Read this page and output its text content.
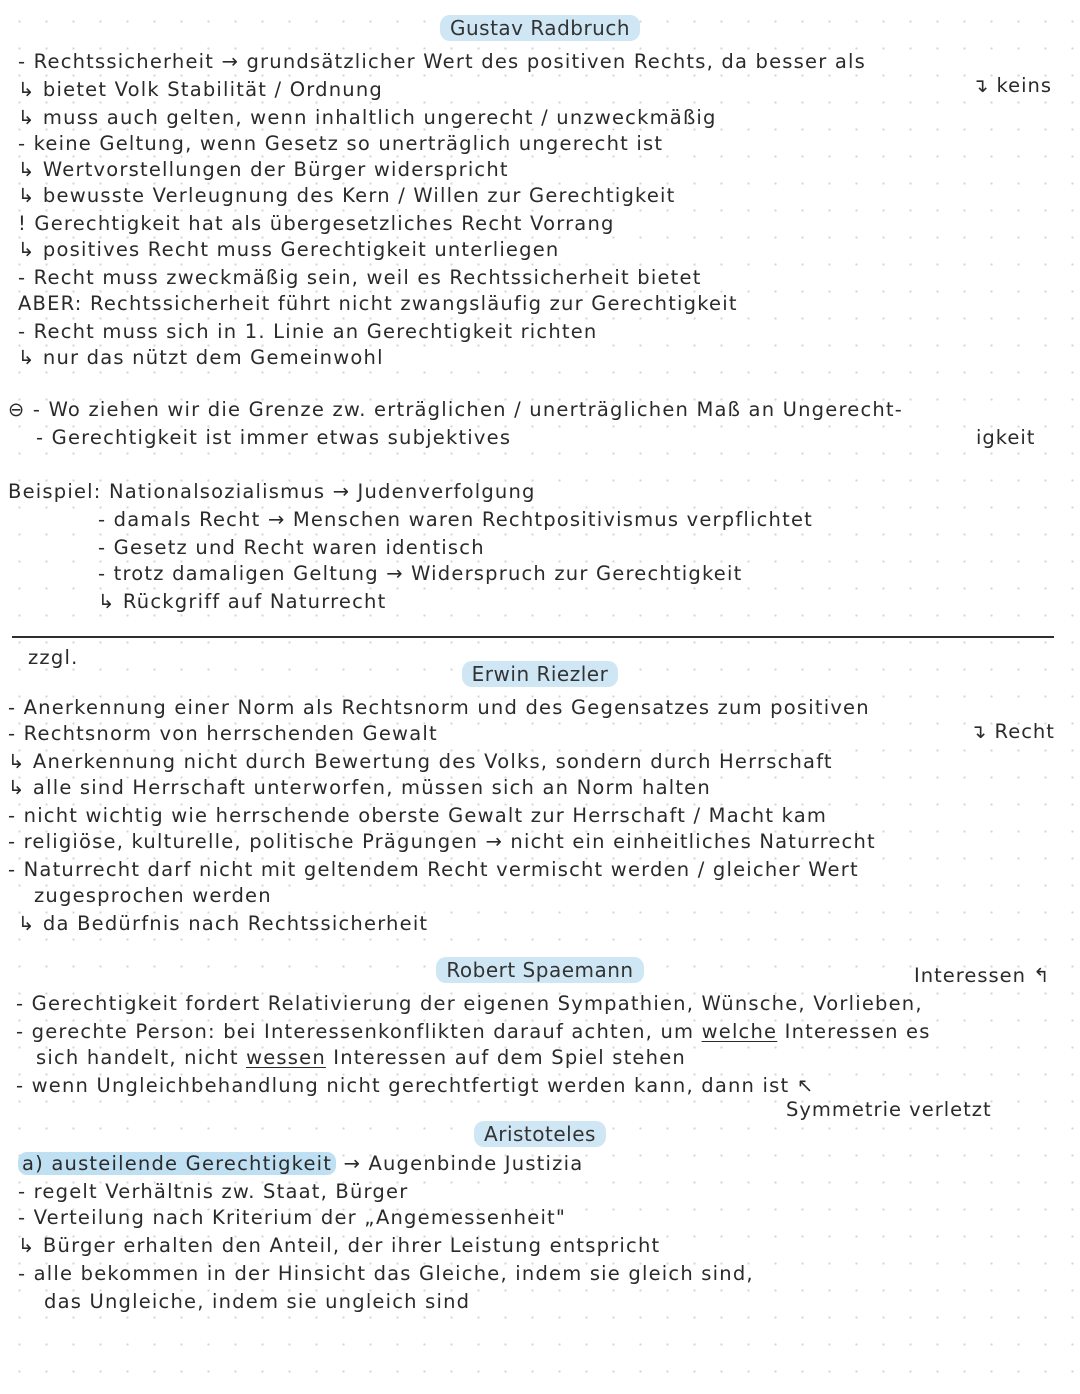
Gustav Radbruch
- Rechtssicherheit → grundsätzlicher Wert des positiven Rechts, da besser als
↳ bietet Volk Stabilität / Ordnung	↴ keins
↳ muss auch gelten, wenn inhaltlich ungerecht / unzweckmäßig
- keine Geltung, wenn Gesetz so unerträglich ungerecht ist
↳ Wertvorstellungen der Bürger widerspricht
↳ bewusste Verleugnung des Kern / Willen zur Gerechtigkeit
! Gerechtigkeit hat als übergesetzliches Recht Vorrang
↳ positives Recht muss Gerechtigkeit unterliegen
- Recht muss zweckmäßig sein, weil es Rechtssicherheit bietet
ABER: Rechtssicherheit führt nicht zwangsläufig zur Gerechtigkeit
- Recht muss sich in 1. Linie an Gerechtigkeit richten
↳ nur das nützt dem Gemeinwohl
⊖ - Wo ziehen wir die Grenze zw. erträglichen / unerträglichen Maß an Ungerecht-
- Gerechtigkeit ist immer etwas subjektives	igkeit
Beispiel: Nationalsozialismus → Judenverfolgung
- damals Recht → Menschen waren Rechtpositivismus verpflichtet
- Gesetz und Recht waren identisch
- trotz damaligen Geltung → Widerspruch zur Gerechtigkeit
↳ Rückgriff auf Naturrecht
zzgl.
Erwin Riezler
- Anerkennung einer Norm als Rechtsnorm und des Gegensatzes zum positiven
↴ Recht
- Rechtsnorm von herrschenden Gewalt
↳ Anerkennung nicht durch Bewertung des Volks, sondern durch Herrschaft
↳ alle sind Herrschaft unterworfen, müssen sich an Norm halten
- nicht wichtig wie herrschende oberste Gewalt zur Herrschaft / Macht kam
- religiöse, kulturelle, politische Prägungen → nicht ein einheitliches Naturrecht
- Naturrecht darf nicht mit geltendem Recht vermischt werden / gleicher Wert
zugesprochen werden
↳ da Bedürfnis nach Rechtssicherheit
Robert Spaemann	Interessen ↰
- Gerechtigkeit fordert Relativierung der eigenen Sympathien, Wünsche, Vorlieben,
- gerechte Person: bei Interessenkonflikten darauf achten, um welche Interessen es
sich handelt, nicht wessen Interessen auf dem Spiel stehen
- wenn Ungleichbehandlung nicht gerechtfertigt werden kann, dann ist ↖
Symmetrie verletzt
Aristoteles
a) austeilende Gerechtigkeit → Augenbinde Justizia
- regelt Verhältnis zw. Staat, Bürger
- Verteilung nach Kriterium der „Angemessenheit"
↳ Bürger erhalten den Anteil, der ihrer Leistung entspricht
- alle bekommen in der Hinsicht das Gleiche, indem sie gleich sind,
das Ungleiche, indem sie ungleich sind
